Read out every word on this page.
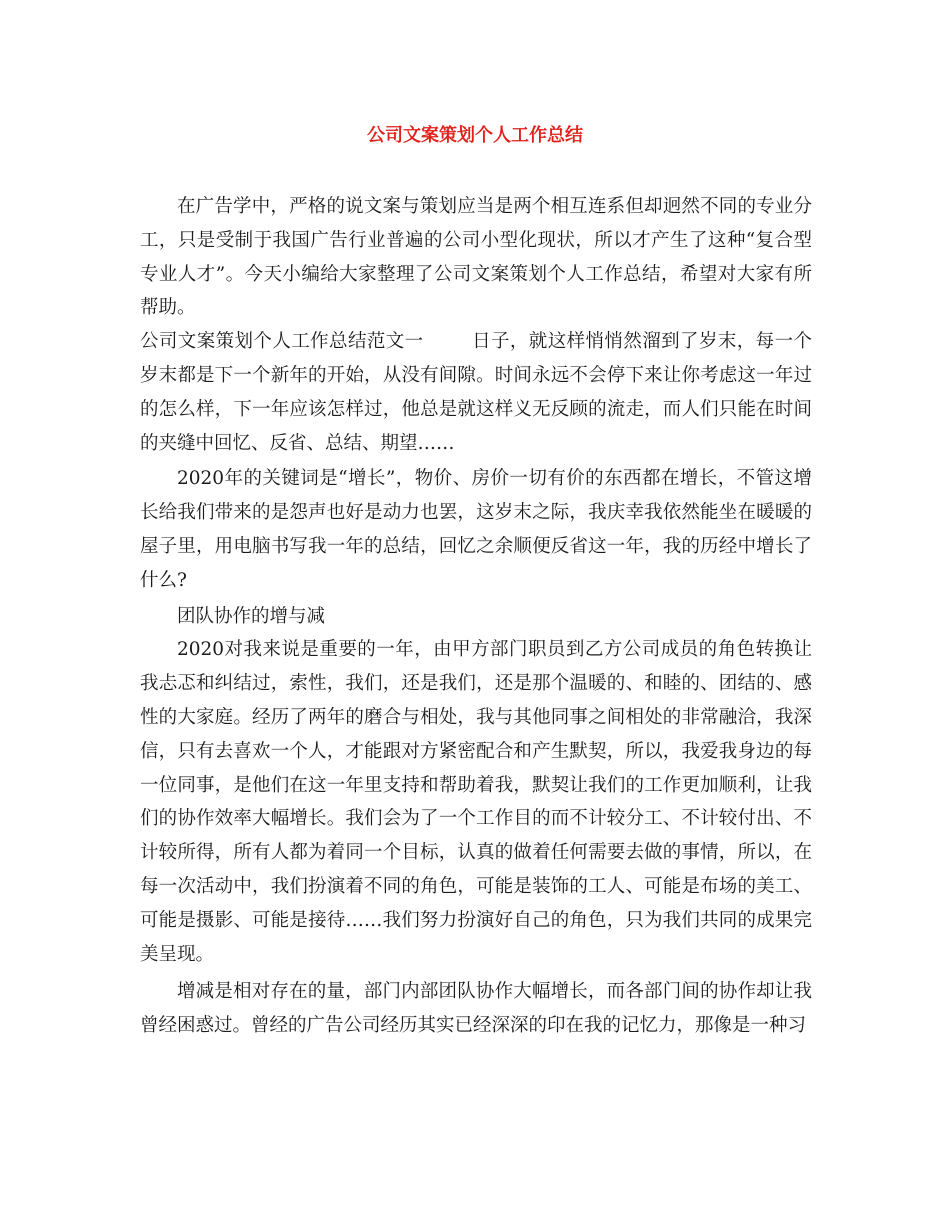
公司文案策划个人工作总结

在广告学中，严格的说文案与策划应当是两个相互连系但却迥然不同的专业分工，只是受制于我国广告行业普遍的公司小型化现状，所以才产生了这种“复合型专业人才”。今天小编给大家整理了公司文案策划个人工作总结，希望对大家有所帮助。

公司文案策划个人工作总结范文一	日子，就这样悄悄然溜到了岁末，每一个岁末都是下一个新年的开始，从没有间隙。时间永远不会停下来让你考虑这一年过的怎么样，下一年应该怎样过，他总是就这样义无反顾的流走，而人们只能在时间的夹缝中回忆、反省、总结、期望……

2020年的关键词是“增长”，物价、房价一切有价的东西都在增长，不管这增长给我们带来的是怨声也好是动力也罢，这岁末之际，我庆幸我依然能坐在暖暖的屋子里，用电脑书写我一年的总结，回忆之余顺便反省这一年，我的历经中增长了什么?

团队协作的增与减

2020对我来说是重要的一年，由甲方部门职员到乙方公司成员的角色转换让我忐忑和纠结过，索性，我们，还是我们，还是那个温暖的、和睦的、团结的、感性的大家庭。经历了两年的磨合与相处，我与其他同事之间相处的非常融洽，我深信，只有去喜欢一个人，才能跟对方紧密配合和产生默契，所以，我爱我身边的每一位同事，是他们在这一年里支持和帮助着我，默契让我们的工作更加顺利，让我们的协作效率大幅增长。我们会为了一个工作目的而不计较分工、不计较付出、不计较所得，所有人都为着同一个目标，认真的做着任何需要去做的事情，所以，在每一次活动中，我们扮演着不同的角色，可能是装饰的工人、可能是布场的美工、可能是摄影、可能是接待……我们努力扮演好自己的角色，只为我们共同的成果完美呈现。

增减是相对存在的量，部门内部团队协作大幅增长，而各部门间的协作却让我曾经困惑过。曾经的广告公司经历其实已经深深的印在我的记忆力，那像是一种习
